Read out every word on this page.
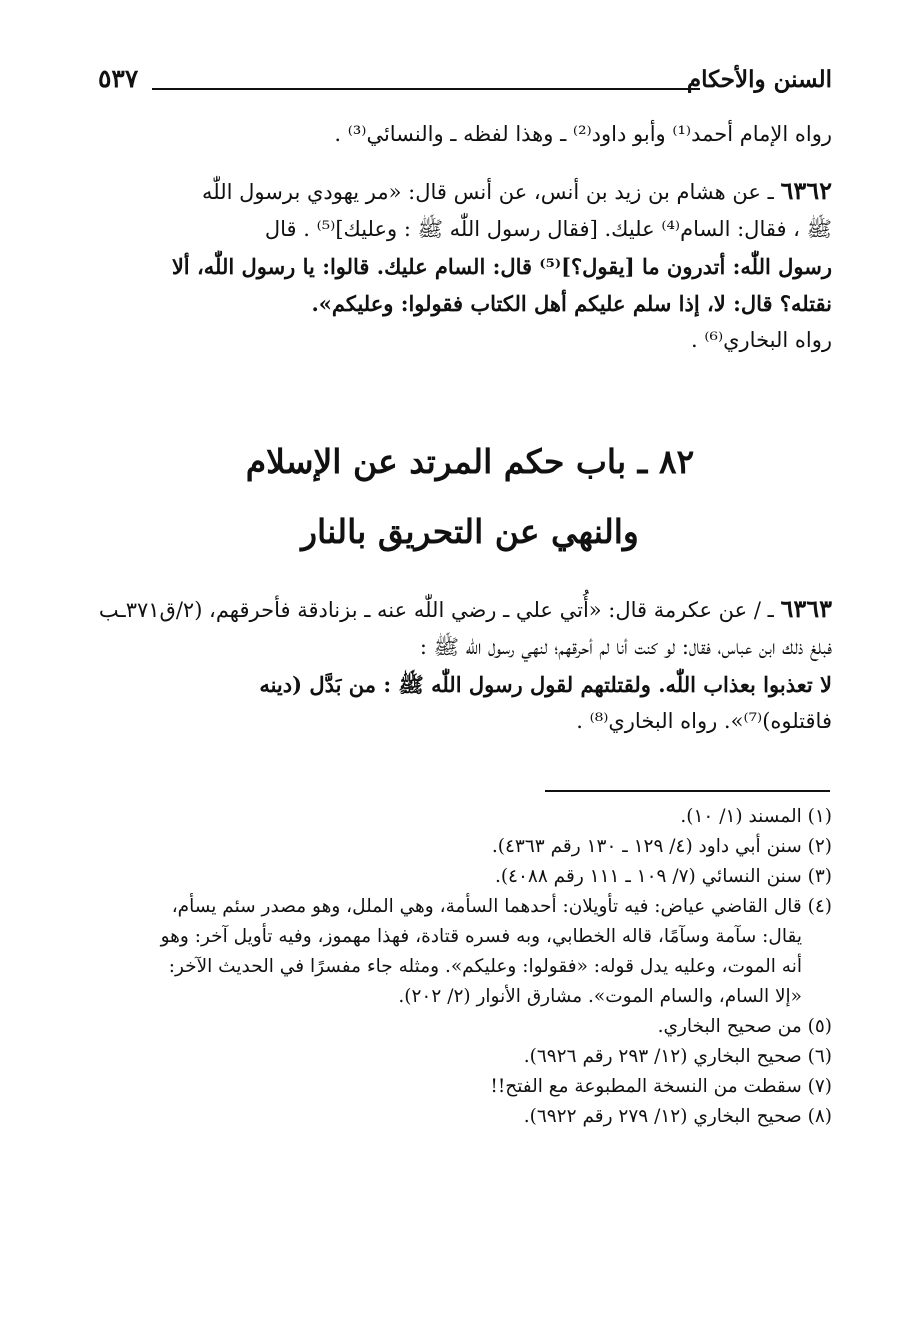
السنن والأحكام
٥٣٧
رواه الإمام أحمد⁽¹⁾ وأبو داود⁽²⁾ ـ وهذا لفظه ـ والنسائي⁽³⁾ .
٦٣٦٢ ـ عن هشام بن زيد بن أنس، عن أنس قال: «مر يهودي برسول اللّٰه
ﷺ ، فقال: السام⁽⁴⁾ عليك. [فقال رسول اللّٰه ﷺ : وعليك]⁽⁵⁾ . قال
رسول اللّٰه: أتدرون ما [يقول؟]⁽⁵⁾ قال: السام عليك. قالوا: يا رسول اللّٰه، ألا
نقتله؟ قال: لا، إذا سلم عليكم أهل الكتاب فقولوا: وعليكم».
رواه البخاري⁽⁶⁾ .
٨٢ ـ باب حكم المرتد عن الإسلام
والنهي عن التحريق بالنار
٦٣٦٣ ـ / عن عكرمة قال: «أُتي علي ـ رضي اللّٰه عنه ـ بزنادقة فأحرقهم، (٢/ق٣٧١ـب
فبلغ ذلك ابن عباس، فقال: لو كنت أنا لم أحرقهم؛ لنهي رسول اللّٰه ﷺ :
لا تعذبوا بعذاب اللّٰه. ولقتلتهم لقول رسول اللّٰه ﷺ : من بَدَّل (دينه
فاقتلوه)⁽⁷⁾». رواه البخاري⁽⁸⁾ .
(١) المسند (١/ ١٠).
(٢) سنن أبي داود (٤/ ١٢٩ ـ ١٣٠ رقم ٤٣٦٣).
(٣) سنن النسائي (٧/ ١٠٩ ـ ١١١ رقم ٤٠٨٨).
(٤) قال القاضي عياض: فيه تأويلان: أحدهما السأمة، وهي الملل، وهو مصدر سئم يسأم،
يقال: سآمة وسآمًا، قاله الخطابي، وبه فسره قتادة، فهذا مهموز، وفيه تأويل آخر: وهو
أنه الموت، وعليه يدل قوله: «فقولوا: وعليكم». ومثله جاء مفسرًا في الحديث الآخر:
«إلا السام، والسام الموت». مشارق الأنوار (٢/ ٢٠٢).
(٥) من صحيح البخاري.
(٦) صحيح البخاري (١٢/ ٢٩٣ رقم ٦٩٢٦).
(٧) سقطت من النسخة المطبوعة مع الفتح!!
(٨) صحيح البخاري (١٢/ ٢٧٩ رقم ٦٩٢٢).
